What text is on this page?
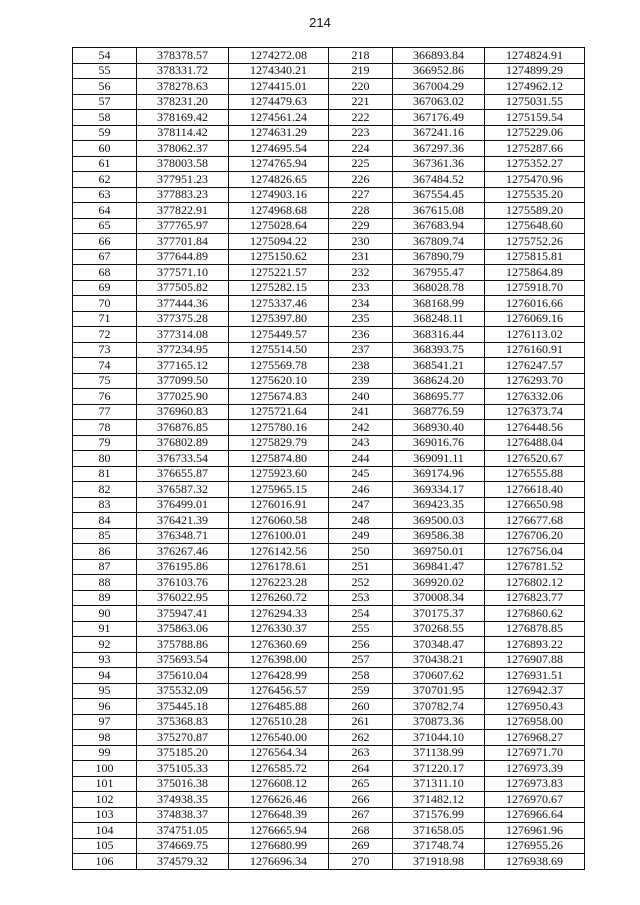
214
54	378378.57	1274272.08	218	366893.84	1274824.91
55	378331.72	1274340.21	219	366952.86	1274899.29
56	378278.63	1274415.01	220	367004.29	1274962.12
57	378231.20	1274479.63	221	367063.02	1275031.55
58	378169.42	1274561.24	222	367176.49	1275159.54
59	378114.42	1274631.29	223	367241.16	1275229.06
60	378062.37	1274695.54	224	367297.36	1275287.66
61	378003.58	1274765.94	225	367361.36	1275352.27
62	377951.23	1274826.65	226	367484.52	1275470.96
63	377883.23	1274903.16	227	367554.45	1275535.20
64	377822.91	1274968.68	228	367615.08	1275589.20
65	377765.97	1275028.64	229	367683.94	1275648.60
66	377701.84	1275094.22	230	367809.74	1275752.26
67	377644.89	1275150.62	231	367890.79	1275815.81
68	377571.10	1275221.57	232	367955.47	1275864.89
69	377505.82	1275282.15	233	368028.78	1275918.70
70	377444.36	1275337.46	234	368168.99	1276016.66
71	377375.28	1275397.80	235	368248.11	1276069.16
72	377314.08	1275449.57	236	368316.44	1276113.02
73	377234.95	1275514.50	237	368393.75	1276160.91
74	377165.12	1275569.78	238	368541.21	1276247.57
75	377099.50	1275620.10	239	368624.20	1276293.70
76	377025.90	1275674.83	240	368695.77	1276332.06
77	376960.83	1275721.64	241	368776.59	1276373.74
78	376876.85	1275780.16	242	368930.40	1276448.56
79	376802.89	1275829.79	243	369016.76	1276488.04
80	376733.54	1275874.80	244	369091.11	1276520.67
81	376655.87	1275923.60	245	369174.96	1276555.88
82	376587.32	1275965.15	246	369334.17	1276618.40
83	376499.01	1276016.91	247	369423.35	1276650.98
84	376421.39	1276060.58	248	369500.03	1276677.68
85	376348.71	1276100.01	249	369586.38	1276706.20
86	376267.46	1276142.56	250	369750.01	1276756.04
87	376195.86	1276178.61	251	369841.47	1276781.52
88	376103.76	1276223.28	252	369920.02	1276802.12
89	376022.95	1276260.72	253	370008.34	1276823.77
90	375947.41	1276294.33	254	370175.37	1276860.62
91	375863.06	1276330.37	255	370268.55	1276878.85
92	375788.86	1276360.69	256	370348.47	1276893.22
93	375693.54	1276398.00	257	370438.21	1276907.88
94	375610.04	1276428.99	258	370607.62	1276931.51
95	375532.09	1276456.57	259	370701.95	1276942.37
96	375445.18	1276485.88	260	370782.74	1276950.43
97	375368.83	1276510.28	261	370873.36	1276958.00
98	375270.87	1276540.00	262	371044.10	1276968.27
99	375185.20	1276564.34	263	371138.99	1276971.70
100	375105.33	1276585.72	264	371220.17	1276973.39
101	375016.38	1276608.12	265	371311.10	1276973.83
102	374938.35	1276626.46	266	371482.12	1276970.67
103	374838.37	1276648.39	267	371576.99	1276966.64
104	374751.05	1276665.94	268	371658.05	1276961.96
105	374669.75	1276680.99	269	371748.74	1276955.26
106	374579.32	1276696.34	270	371918.98	1276938.69
